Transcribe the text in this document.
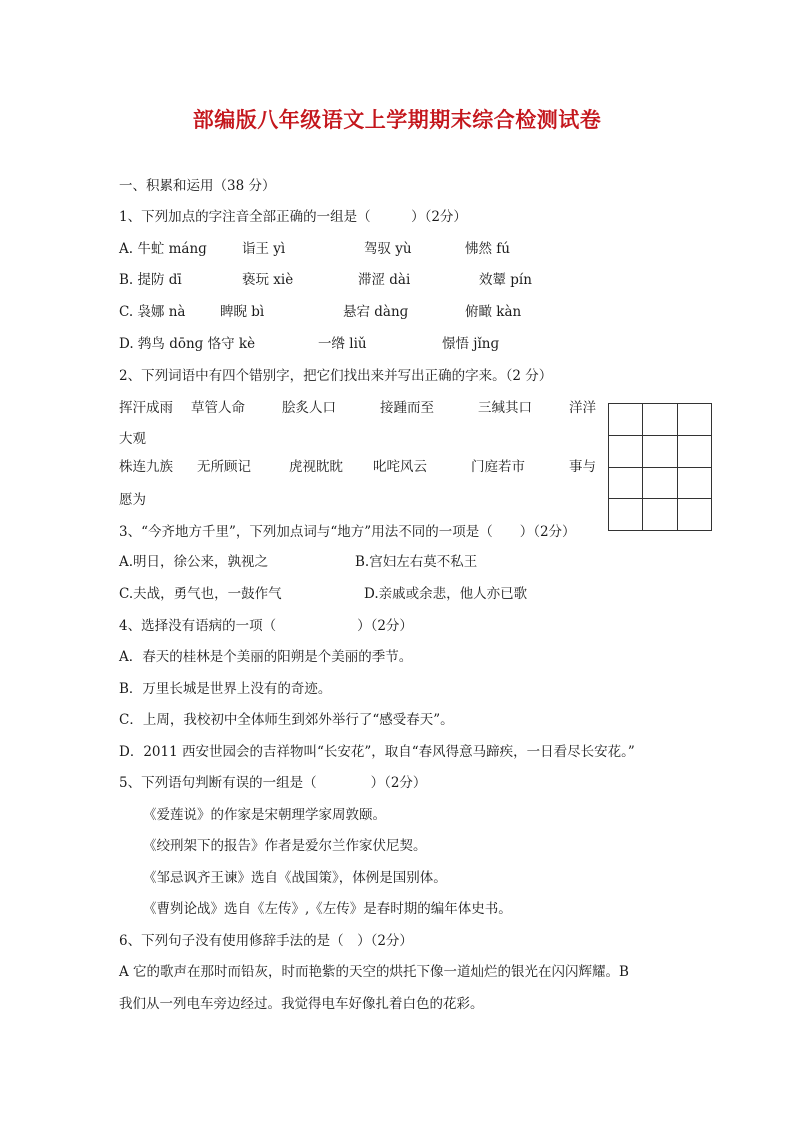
部编版八年级语文上学期期末综合检测试卷
一、积累和运用（38 分）
1、下列加点的字注音全部正确的一组是（　　　）（2分）
A. 牛虻 mánɡ	诣王 yì	驾驭 yù	怫然 fú
B. 提防 dī	亵玩 xiè	滞涩 dài	效颦 pín
C. 袅娜 nà	睥睨 bì	悬宕 dànɡ	俯瞰 kàn
D. 鹁鸟 dōnɡ 恪守 kè	一绺 liǔ	憬悟 jǐnɡ
2、下列词语中有四个错别字，把它们找出来并写出正确的字来。（2 分）
挥汗成雨 草管人命	脍炙人口	接踵而至	三缄其口	洋洋
大观
株连九族 无所顾记	虎视眈眈 叱咤风云	门庭若市	事与
愿为
3、“今齐地方千里”，下列加点词与“地方”用法不同的一项是（　　）（2分）
A.明日，徐公来，孰视之	B.宫妇左右莫不私王
C.夫战，勇气也，一鼓作气	D.亲戚或余悲，他人亦已歌
4、选择没有语病的一项（　　　　　　）（2分）
A．春天的桂林是个美丽的阳朔是个美丽的季节。
B．万里长城是世界上没有的奇迹。
C．上周，我校初中全体师生到郊外举行了“感受春天”。
D．2011 西安世园会的吉祥物叫“长安花”，取自“春风得意马蹄疾，一日看尽长安花。”
5、下列语句判断有误的一组是（　　　　）（2分）
《爱莲说》的作家是宋朝理学家周敦颐。
《绞刑架下的报告》作者是爱尔兰作家伏尼契。
《邹忌讽齐王谏》选自《战国策》，体例是国别体。
《曹刿论战》选自《左传》,《左传》是春时期的编年体史书。
6、下列句子没有使用修辞手法的是（　）（2分）
A 它的歌声在那时而铅灰，时而艳紫的天空的烘托下像一道灿烂的银光在闪闪辉耀。B
我们从一列电车旁边经过。我觉得电车好像扎着白色的花彩。
